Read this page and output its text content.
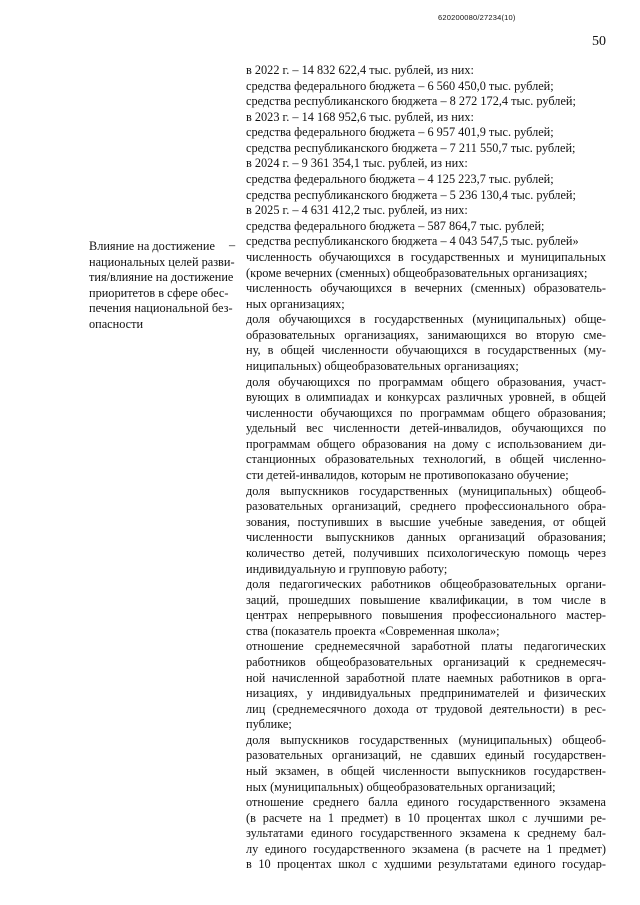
620200080/27234(10)
50
Влияние на достижение
национальных целей разви-
тия/влияние на достижение
приоритетов в сфере обес-
печения национальной без-
опасности
–
в 2022 г. – 14 832 622,4 тыс. рублей, из них:
средства федерального бюджета – 6 560 450,0 тыс. рублей;
средства республиканского бюджета – 8 272 172,4 тыс. рублей;
в 2023 г. – 14 168 952,6 тыс. рублей, из них:
средства федерального бюджета – 6 957 401,9 тыс. рублей;
средства республиканского бюджета – 7 211 550,7 тыс. рублей;
в 2024 г. – 9 361 354,1 тыс. рублей, из них:
средства федерального бюджета – 4 125 223,7 тыс. рублей;
средства республиканского бюджета – 5 236 130,4 тыс. рублей;
в 2025 г. – 4 631 412,2 тыс. рублей, из них:
средства федерального бюджета – 587 864,7 тыс. рублей;
средства республиканского бюджета – 4 043 547,5 тыс. рублей»
численность обучающихся в государственных и муниципальных
(кроме вечерних (сменных) общеобразовательных организациях;
численность обучающихся в вечерних (сменных) образователь-
ных организациях;
доля обучающихся в государственных (муниципальных) обще-
образовательных организациях, занимающихся во вторую сме-
ну, в общей численности обучающихся в государственных (му-
ниципальных) общеобразовательных организациях;
доля обучающихся по программам общего образования, участ-
вующих в олимпиадах и конкурсах различных уровней, в общей
численности обучающихся по программам общего образования;
удельный вес численности детей-инвалидов, обучающихся по
программам общего образования на дому с использованием ди-
станционных образовательных технологий, в общей численно-
сти детей-инвалидов, которым не противопоказано обучение;
доля выпускников государственных (муниципальных) общеоб-
разовательных организаций, среднего профессионального обра-
зования, поступивших в высшие учебные заведения, от общей
численности выпускников данных организаций образования;
количество детей, получивших психологическую помощь через
индивидуальную и групповую работу;
доля педагогических работников общеобразовательных органи-
заций, прошедших повышение квалификации, в том числе в
центрах непрерывного повышения профессионального мастер-
ства (показатель проекта «Современная школа»;
отношение среднемесячной заработной платы педагогических
работников общеобразовательных организаций к среднемесяч-
ной начисленной заработной плате наемных работников в орга-
низациях, у индивидуальных предпринимателей и физических
лиц (среднемесячного дохода от трудовой деятельности) в рес-
публике;
доля выпускников государственных (муниципальных) общеоб-
разовательных организаций, не сдавших единый государствен-
ный экзамен, в общей численности выпускников государствен-
ных (муниципальных) общеобразовательных организаций;
отношение среднего балла единого государственного экзамена
(в расчете на 1 предмет) в 10 процентах школ с лучшими ре-
зультатами единого государственного экзамена к среднему бал-
лу единого государственного экзамена (в расчете на 1 предмет)
в 10 процентах школ с худшими результатами единого государ-
